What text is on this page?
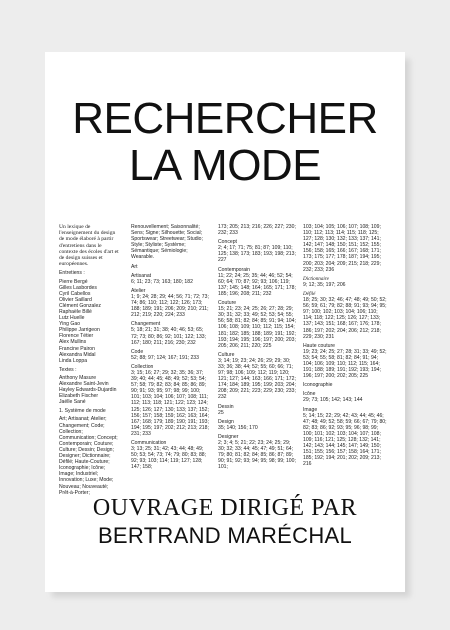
RECHERCHER
LA MODE

Un lexique de l'enseignement du design de mode élaboré à partir d'entretiens dans le contexte des écoles d'art et de design suisses et européennes.

Entretiens :

Pierre Bergé
Gilles Lasbordes
Cyril Cabellos
Olivier Saillard
Clément Gonzalez
Raphaële Billé
Lutz Huelle
Ying Gao
Philippe Jarrigeon
Florence Tétier
Alex Mullins
Francine Pairon
Alexandra Midal
Linda Loppa

Textes :

Anthony Masure
Alexandre Saint-Jevin
Hayley Edwards-Dujardin
Elizabeth Fischer
Jaëlle Sané

1. Système de mode

Art; Artisanat; Atelier; Changement; Code; Collection; Communication; Concept; Contemporain; Couture; Culture; Dessin; Design; Designer; Dictionnaire; Défilé; Haute-Couture; Iconographie; Icône; Image; Industriel; Innovation; Luxe; Mode; Nouveau; Nouveauté; Prêt-à-Porter;

Renouvellement; Saisonnalité; Sens; Signe; Silhouette; Social; Sportswear; Streetwear; Studio; Style; Styliste; Système; Sémantique; Sémiologie; Wearable.

Art

Artisanat
6; 11; 23; 73; 163; 180; 182

Atelier
1; 9; 24; 28; 29; 44; 56; 71; 72; 73; 74; 86; 110; 112; 122; 126; 173; 188; 189; 191; 206; 209; 210; 211; 212; 219; 220; 224; 233

Changement
5; 18; 21; 31; 38; 40; 46; 53; 65; 72; 73; 80; 86; 92; 101; 122; 133; 167; 180; 211; 216; 230; 232

Code
52; 88; 97; 124; 167; 191; 233

Collection
3; 15; 16; 27; 29; 32; 35; 36; 37; 39; 40; 44; 45; 48; 49; 52; 53; 54; 57; 58; 79; 82; 83; 84; 85; 86; 89; 90; 91; 93; 95; 97; 98; 99; 100; 101; 103; 104; 106; 107; 108; 111; 112; 113; 118; 121; 122; 123; 124; 125; 126; 127; 130; 133; 137; 152; 156; 157; 158; 159; 162; 163; 164; 167; 168; 179; 189; 190; 191; 193; 194; 195; 197; 202; 212; 213; 218; 231; 233

Communication
3; 13; 25; 31; 42; 43; 44; 48; 49; 50; 53; 54; 73; 74; 79; 80; 83; 88; 92; 93; 103; 114; 119; 127; 128; 147; 158;

173; 205; 213; 216; 226; 227; 230; 232; 233

Concept
2; 4; 17; 71; 75; 81; 87; 109; 110; 125; 138; 173; 183; 193; 198; 213; 227

Contemporain
11; 22; 24; 25; 35; 44; 46; 52; 54; 60; 64; 70; 87; 92; 93; 106; 119; 137; 145; 148; 164; 165; 171; 178; 185; 196; 208; 211; 232

Couture
15; 21; 23; 24; 25; 26; 27; 28; 29; 30; 31; 32; 33; 49; 52; 53; 54; 55; 56; 58; 81; 82; 84; 85; 91; 94; 104; 106; 108; 109; 110; 112; 115; 154; 181; 182; 185; 188; 189; 191; 192; 193; 194; 195; 196; 197; 200; 203; 205; 206; 211; 220; 225

Culture
3; 14; 19; 23; 24; 26; 29; 29; 30; 33; 36; 38; 44; 52; 55; 60; 66; 71; 97; 98; 106; 109; 112; 119; 120; 121; 127; 144; 163; 166; 171; 172; 174; 184; 189; 195; 199; 203; 204; 208; 209; 221; 223; 229; 230; 233; 232

Dessin
25

Design
35; 140; 156; 170

Designer
2; 3; 4; 5; 21; 22; 23; 24; 25; 29; 30; 32; 33; 44; 45; 47; 49; 51; 64; 79; 80; 81; 82; 84; 85; 86; 87; 89; 90; 91; 92; 93; 94; 95; 98; 99; 100; 101;

103; 104; 105; 106; 107; 108; 109; 110; 112; 113; 114; 115; 118; 125; 127; 128; 130; 132; 133; 137; 141; 142; 147; 148; 150; 151; 152; 155; 156; 158; 165; 166; 167; 168; 171; 173; 175; 177; 178; 187; 194; 195; 200; 203; 204; 209; 215; 218; 229; 232; 233; 236

Dictionnaire
9; 12; 35; 197; 206

Défilé
18; 25; 30; 32; 46; 47; 48; 49; 50; 52; 56; 59; 61; 79; 82; 88; 91; 93; 94; 95; 97; 100; 102; 103; 104; 106; 110; 114; 118; 122; 125; 126; 127; 133; 137; 143; 151; 168; 167; 176; 178; 186; 197; 202; 204; 206; 212; 218; 229; 230; 231

Haute couture
19; 23; 24; 25; 27; 28; 31; 33; 49; 52; 53; 54; 55; 58; 81; 82; 84; 91; 94; 104; 106; 109; 110; 112; 115; 164; 191; 188; 189; 191; 192; 193; 194; 196; 197; 200; 202; 205; 225

Iconographie

Icône
29; 73; 105; 142; 143; 144

Image
5; 14; 15; 22; 29; 42; 43; 44; 45; 46; 47; 48; 49; 52; 58; 59; 66; 67; 79; 80; 82; 83; 86; 92; 93; 95; 96; 98; 99; 100; 101; 102; 103; 104; 107; 108; 109; 116; 121; 125; 128; 132; 141; 142; 143; 144; 145; 147; 149; 150; 151; 155; 156; 157; 158; 164; 171; 185; 192; 194; 201; 202; 209; 213; 216

OUVRAGE DIRIGÉ PAR
BERTRAND MARÉCHAL
